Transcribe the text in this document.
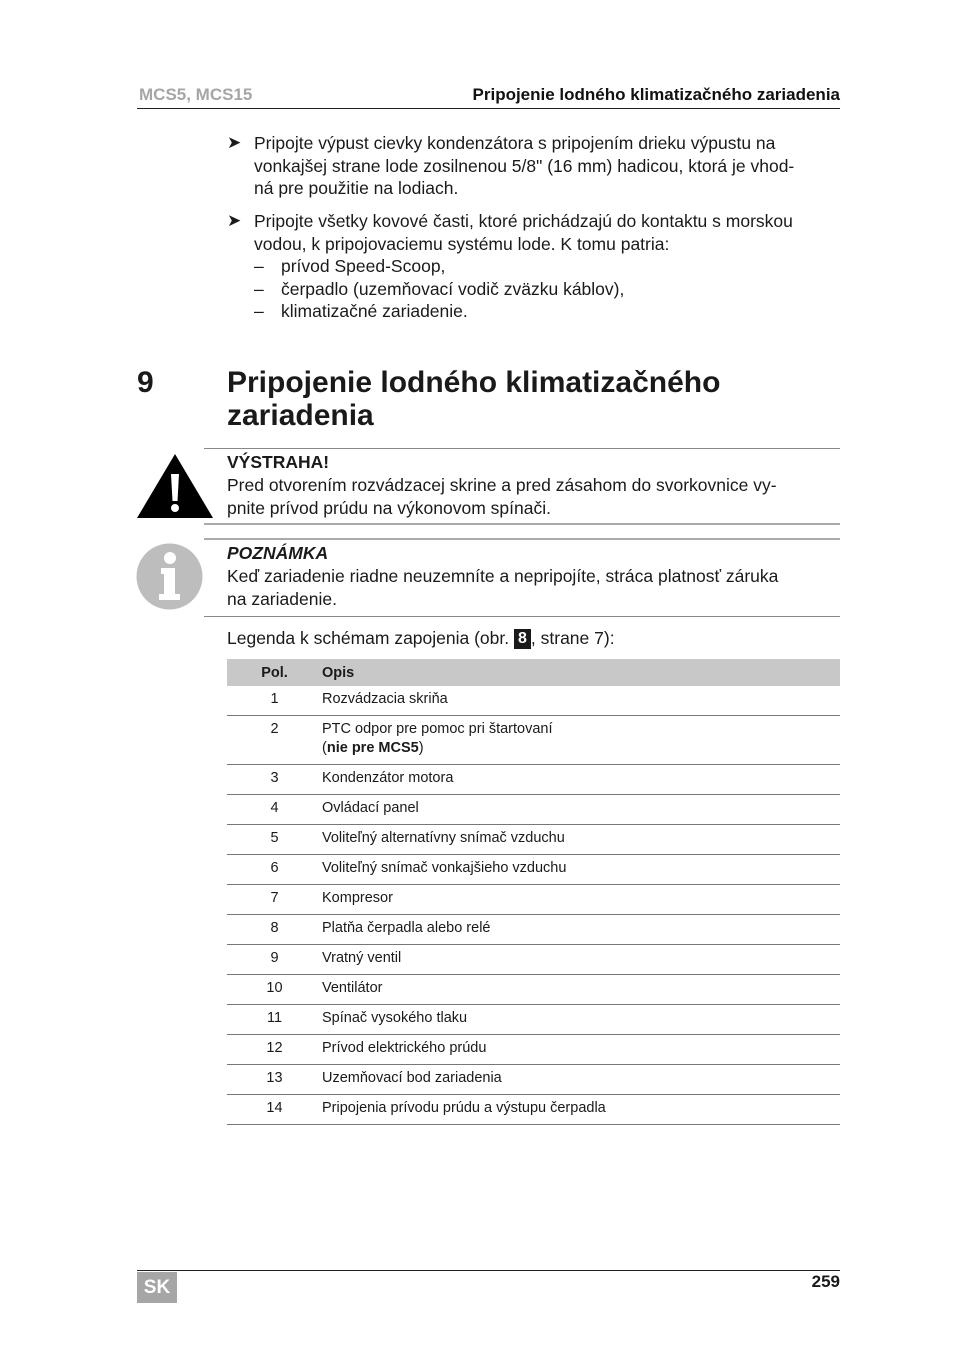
MCS5, MCS15	Pripojenie lodného klimatizačného zariadenia
➤ Pripojte výpust cievky kondenzátora s pripojením drieku výpustu na
vonkajšej strane lode zosilnenou 5/8" (16 mm) hadicou, ktorá je vhod-
ná pre použitie na lodiach.
➤ Pripojte všetky kovové časti, ktoré prichádzajú do kontaktu s morskou
vodou, k pripojovaciemu systému lode. K tomu patria:
– prívod Speed-Scoop,
– čerpadlo (uzemňovací vodič zväzku káblov),
– klimatizačné zariadenie.
9 Pripojenie lodného klimatizačného
zariadenia
VÝSTRAHA!
Pred otvorením rozvádzacej skrine a pred zásahom do svorkovnice vy-
pnite prívod prúdu na výkonovom spínači.
POZNÁMKA
Keď zariadenie riadne neuzemníte a nepripojíte, stráca platnosť záruka
na zariadenie.
Legenda k schémam zapojenia (obr. 8 , strane 7):
Pol.	Opis
1	Rozvádzacia skriňa
2	PTC odpor pre pomoc pri štartovaní
(nie pre MCS5)

3	Kondenzátor motora
4	Ovládací panel
5	Voliteľný alternatívny snímač vzduchu
6	Voliteľný snímač vonkajšieho vzduchu
7	Kompresor
8	Platňa čerpadla alebo relé
9	Vratný ventil
10	Ventilátor
11	Spínač vysokého tlaku
12	Prívod elektrického prúdu
13	Uzemňovací bod zariadenia
14	Pripojenia prívodu prúdu a výstupu čerpadla
SK	259
